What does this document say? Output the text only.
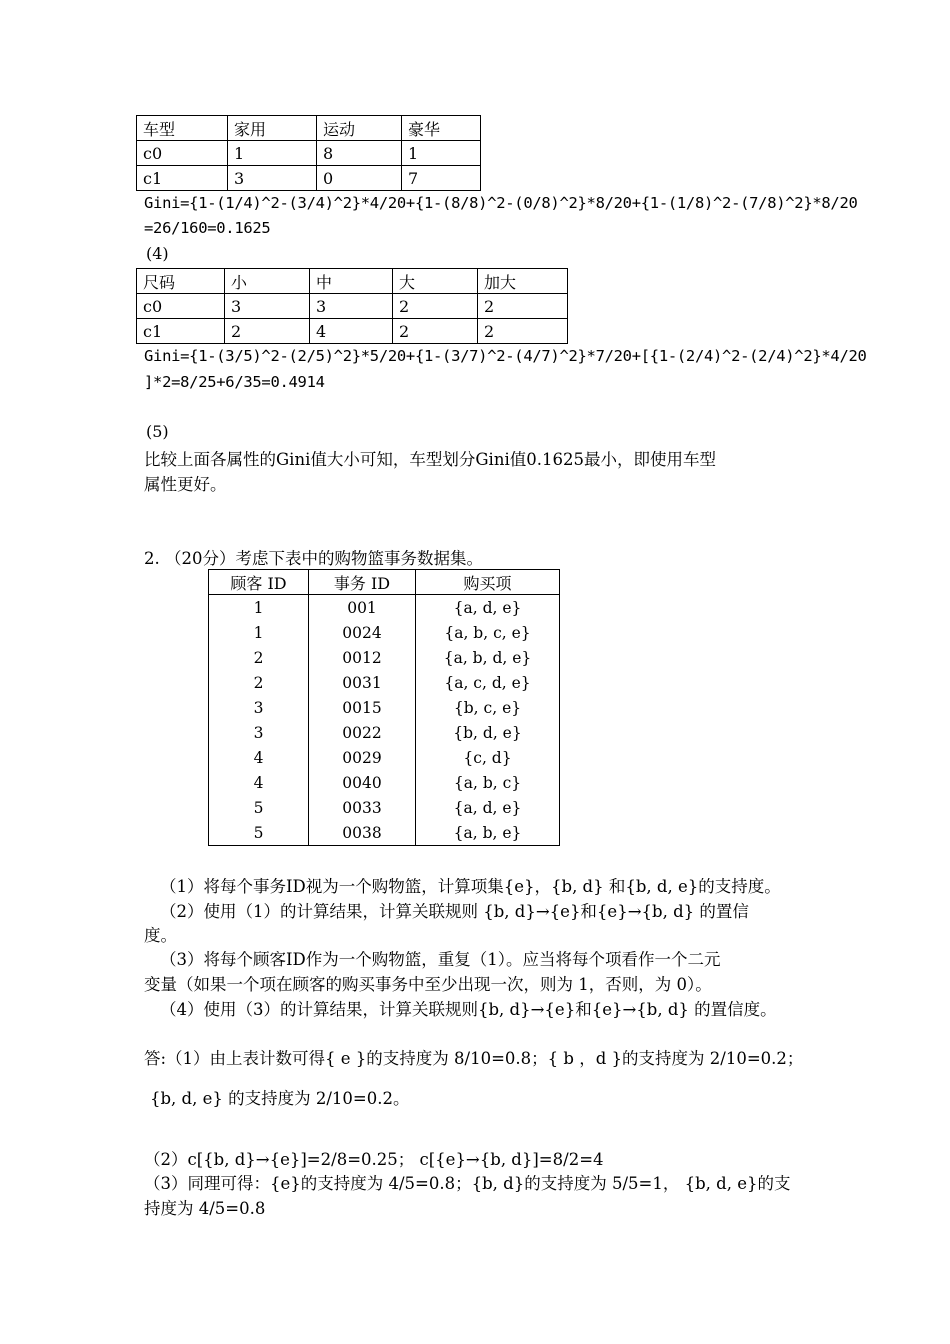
车型	家用	运动	豪华
c0	1	8	1
c1	3	0	7
Gini={1-(1/4)^2-(3/4)^2}*4/20+{1-(8/8)^2-(0/8)^2}*8/20+{1-(1/8)^2-(7/8)^2}*8/20
=26/160=0.1625
(4)
尺码	小	中	大	加大
c0	3	3	2	2
c1	2	4	2	2
Gini={1-(3/5)^2-(2/5)^2}*5/20+{1-(3/7)^2-(4/7)^2}*7/20+[{1-(2/4)^2-(2/4)^2}*4/20
]*2=8/25+6/35=0.4914
(5)
比较上面各属性的Gini值大小可知，车型划分Gini值0.1625最小，即使用车型
属性更好。
2. （20分）考虑下表中的购物篮事务数据集。
顾客 ID	事务 ID	购买项
1	001	{a, d, e}
1	0024	{a, b, c, e}
2	0012	{a, b, d, e}
2	0031	{a, c, d, e}
3	0015	{b, c, e}
3	0022	{b, d, e}
4	0029	{c, d}
4	0040	{a, b, c}
5	0033	{a, d, e}
5	0038	{a, b, e}
（1）将每个事务ID视为一个购物篮，计算项集{e}，{b, d} 和{b, d, e}的支持度。
（2）使用（1）的计算结果，计算关联规则 {b, d}→{e}和{e}→{b, d} 的置信
度。
（3）将每个顾客ID作为一个购物篮，重复（1）。应当将每个项看作一个二元
变量（如果一个项在顾客的购买事务中至少出现一次，则为 1，否则，为 0）。
（4）使用（3）的计算结果，计算关联规则{b, d}→{e}和{e}→{b, d} 的置信度。
答:（1）由上表计数可得{ e }的支持度为 8/10=0.8；{ b ，d }的支持度为 2/10=0.2；
{b, d, e} 的支持度为 2/10=0.2。
（2）c[{b, d}→{e}]=2/8=0.25； c[{e}→{b, d}]=8/2=4
（3）同理可得：{e}的支持度为 4/5=0.8；{b, d}的支持度为 5/5=1， {b, d, e}的支
持度为 4/5=0.8
